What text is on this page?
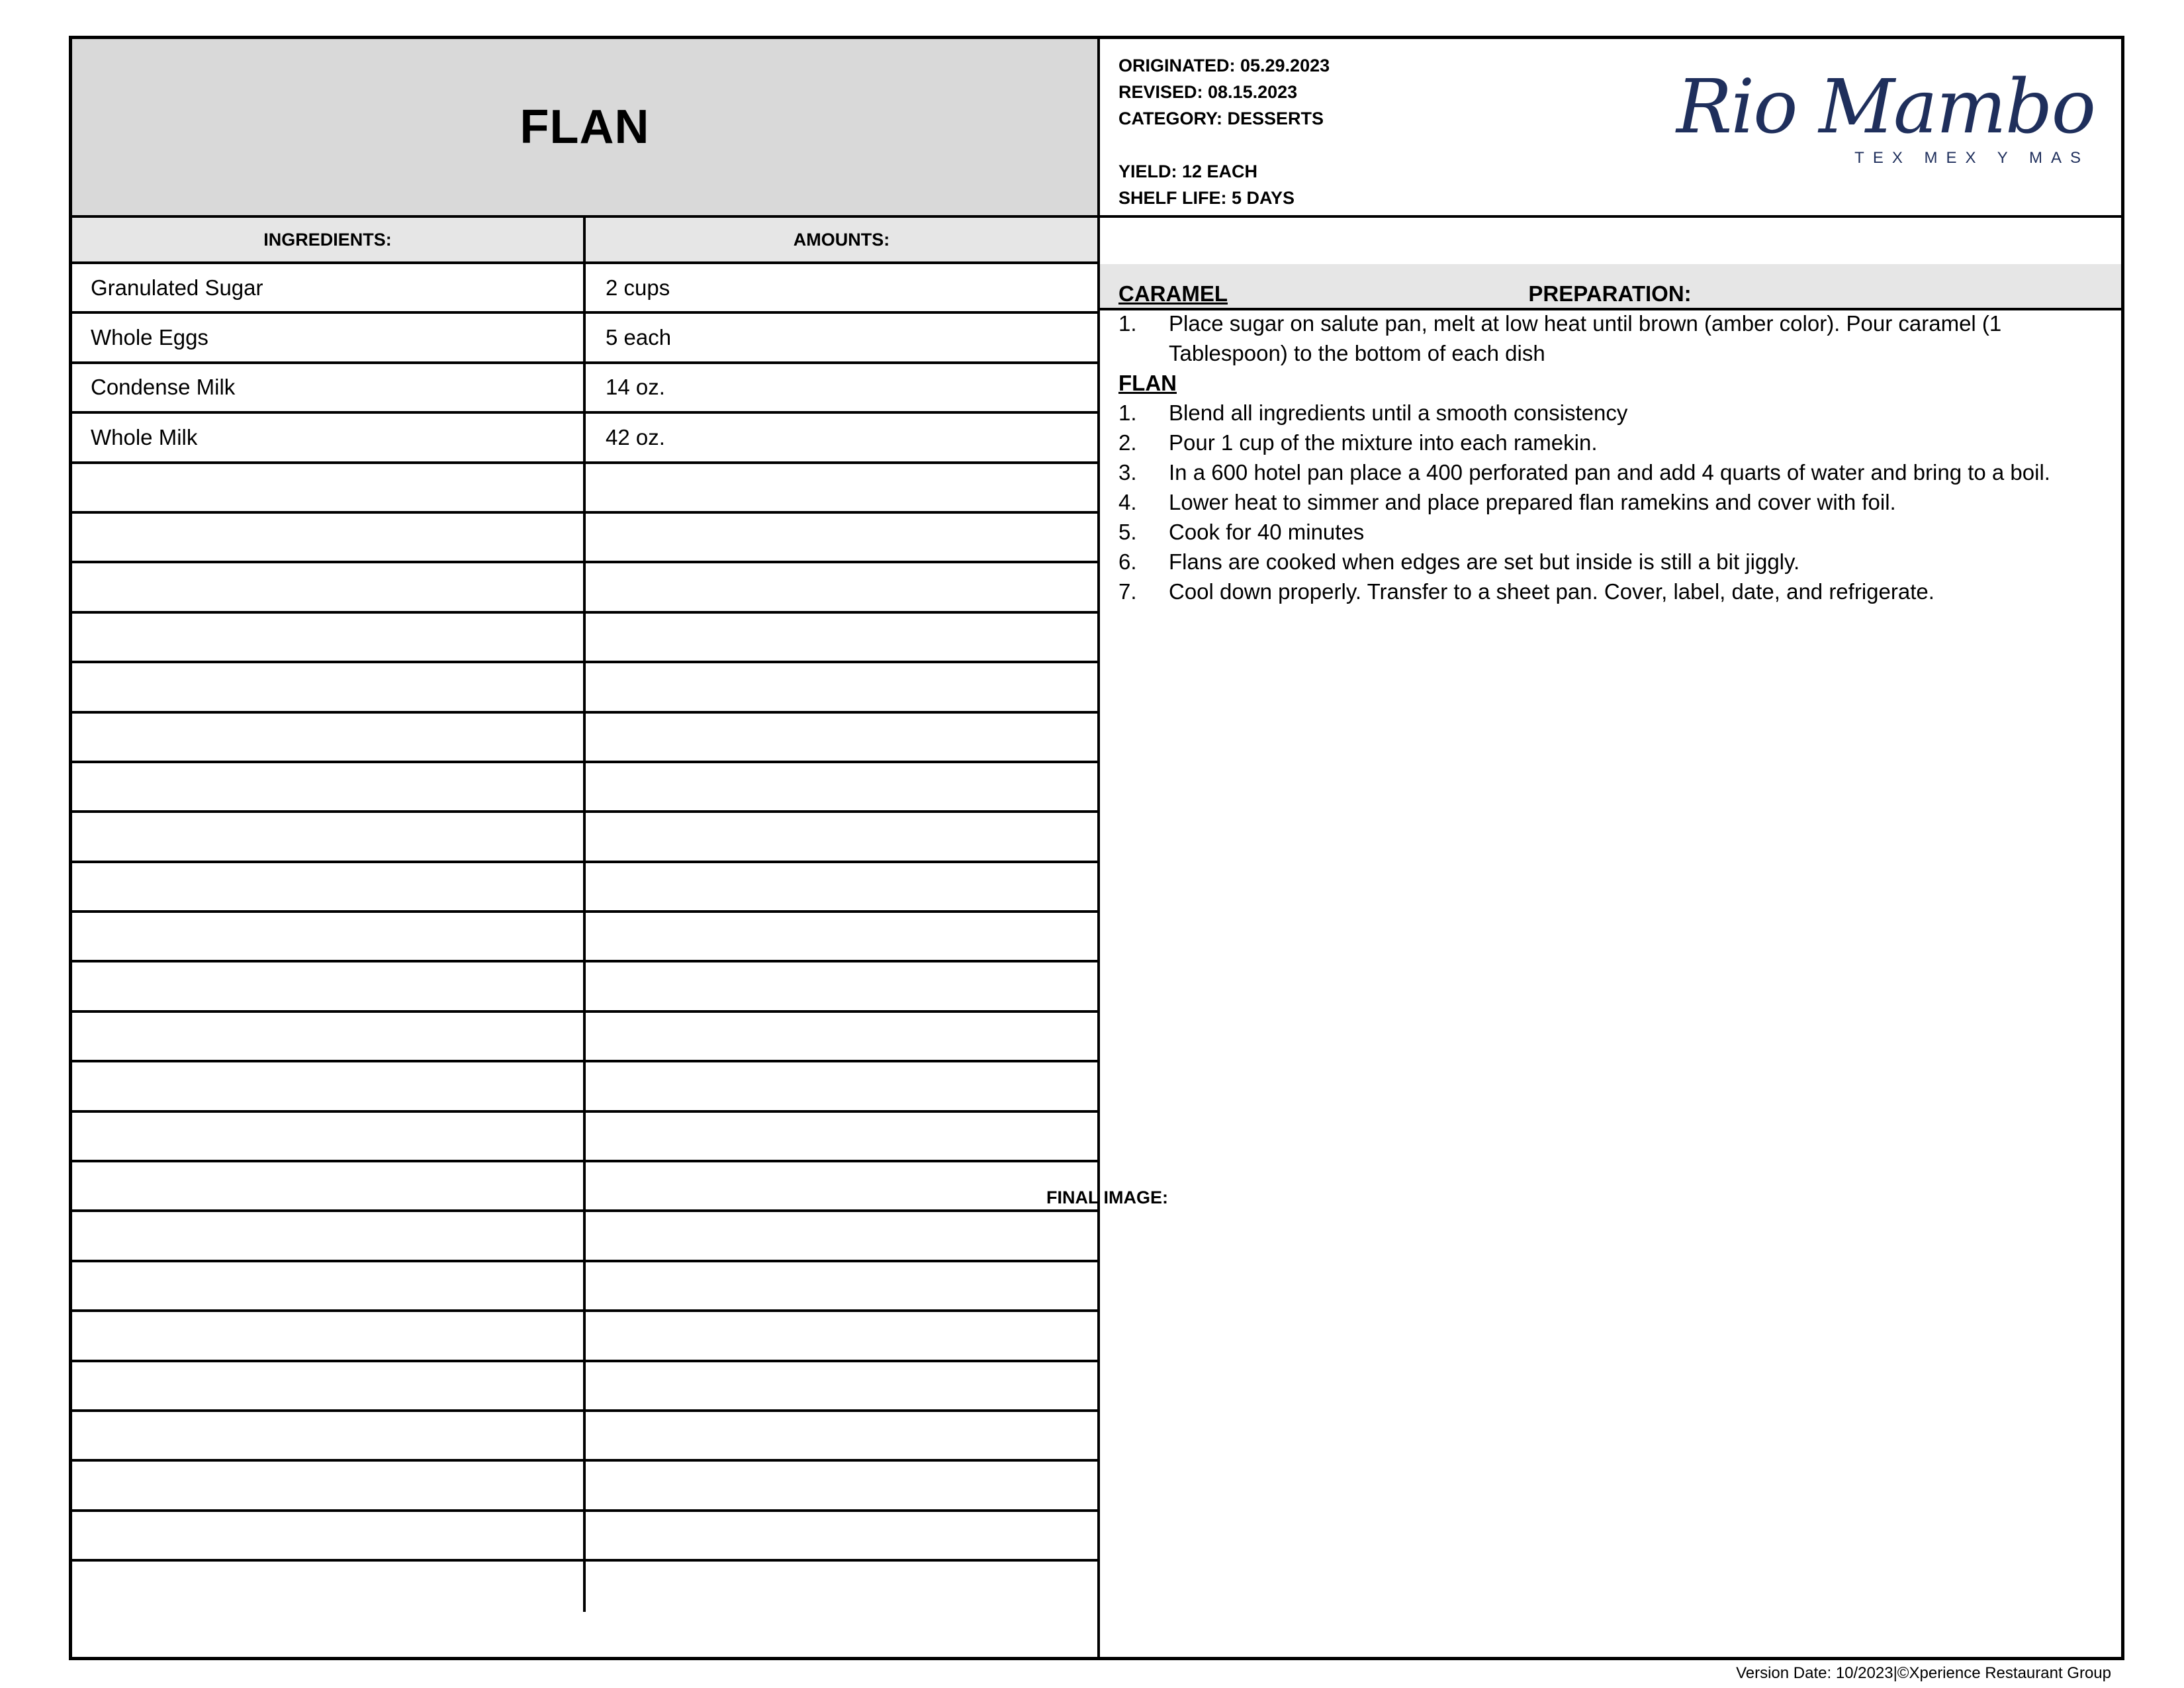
FLAN
ORIGINATED: 05.29.2023
REVISED: 08.15.2023
CATEGORY: DESSERTS
YIELD: 12 EACH
SHELF LIFE: 5 DAYS
Rio Mambo
TEX MEX Y MAS
INGREDIENTS:	AMOUNTS:
PREPARATION:
Granulated Sugar	2 cups
Whole Eggs	5 each
Condense Milk	14 oz.
Whole Milk	42 oz.
CARAMEL
1.	Place sugar on salute pan, melt at low heat until brown (amber color). Pour caramel (1 Tablespoon) to the bottom of each dish
FLAN
1.	Blend all ingredients until a smooth consistency
2.	Pour 1 cup of the mixture into each ramekin.
3.	In a 600 hotel pan place a 400 perforated pan and add 4 quarts of water and bring to a boil.
4.	Lower heat to simmer and place prepared flan ramekins and cover with foil.
5.	Cook for 40 minutes
6.	Flans are cooked when edges are set but inside is still a bit jiggly.
7.	Cool down properly. Transfer to a sheet pan. Cover, label, date, and refrigerate.
FINAL IMAGE:
Version Date: 10/2023|©Xperience Restaurant Group
